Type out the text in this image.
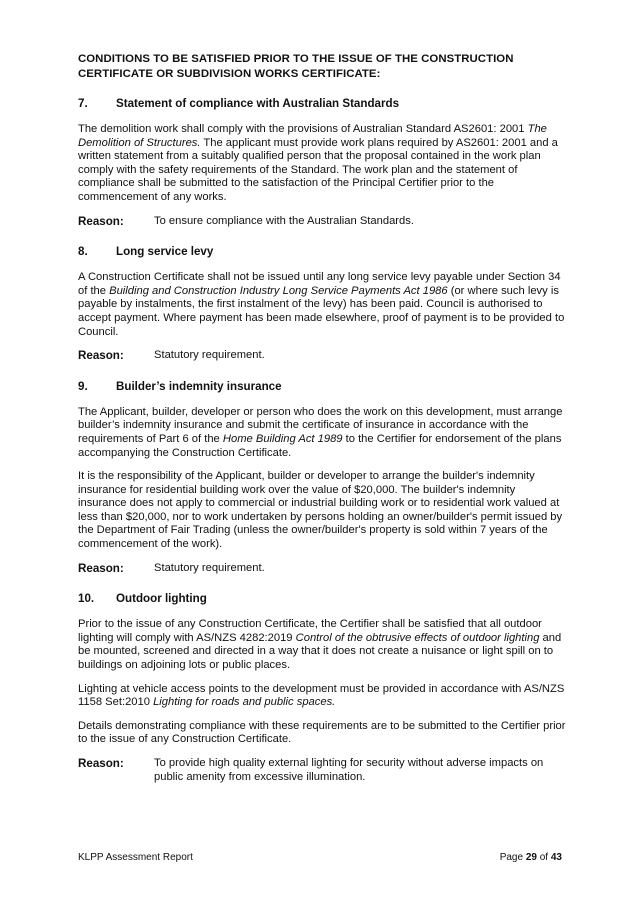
CONDITIONS TO BE SATISFIED PRIOR TO THE ISSUE OF THE CONSTRUCTION CERTIFICATE OR SUBDIVISION WORKS CERTIFICATE:
7.	Statement of compliance with Australian Standards

The demolition work shall comply with the provisions of Australian Standard AS2601: 2001 The Demolition of Structures. The applicant must provide work plans required by AS2601: 2001 and a written statement from a suitably qualified person that the proposal contained in the work plan comply with the safety requirements of the Standard. The work plan and the statement of compliance shall be submitted to the satisfaction of the Principal Certifier prior to the commencement of any works.

Reason:	To ensure compliance with the Australian Standards.
8.	Long service levy

A Construction Certificate shall not be issued until any long service levy payable under Section 34 of the Building and Construction Industry Long Service Payments Act 1986 (or where such levy is payable by instalments, the first instalment of the levy) has been paid. Council is authorised to accept payment. Where payment has been made elsewhere, proof of payment is to be provided to Council.

Reason:	Statutory requirement.
9.	Builder’s indemnity insurance

The Applicant, builder, developer or person who does the work on this development, must arrange builder’s indemnity insurance and submit the certificate of insurance in accordance with the requirements of Part 6 of the Home Building Act 1989 to the Certifier for endorsement of the plans accompanying the Construction Certificate.

It is the responsibility of the Applicant, builder or developer to arrange the builder's indemnity insurance for residential building work over the value of $20,000. The builder's indemnity insurance does not apply to commercial or industrial building work or to residential work valued at less than $20,000, nor to work undertaken by persons holding an owner/builder's permit issued by the Department of Fair Trading (unless the owner/builder's property is sold within 7 years of the commencement of the work).

Reason:	Statutory requirement.
10.	Outdoor lighting

Prior to the issue of any Construction Certificate, the Certifier shall be satisfied that all outdoor lighting will comply with AS/NZS 4282:2019 Control of the obtrusive effects of outdoor lighting and be mounted, screened and directed in a way that it does not create a nuisance or light spill on to buildings on adjoining lots or public places.

Lighting at vehicle access points to the development must be provided in accordance with AS/NZS 1158 Set:2010 Lighting for roads and public spaces.

Details demonstrating compliance with these requirements are to be submitted to the Certifier prior to the issue of any Construction Certificate.

Reason:	To provide high quality external lighting for security without adverse impacts on public amenity from excessive illumination.
KLPP Assessment Report	Page 29 of 43
